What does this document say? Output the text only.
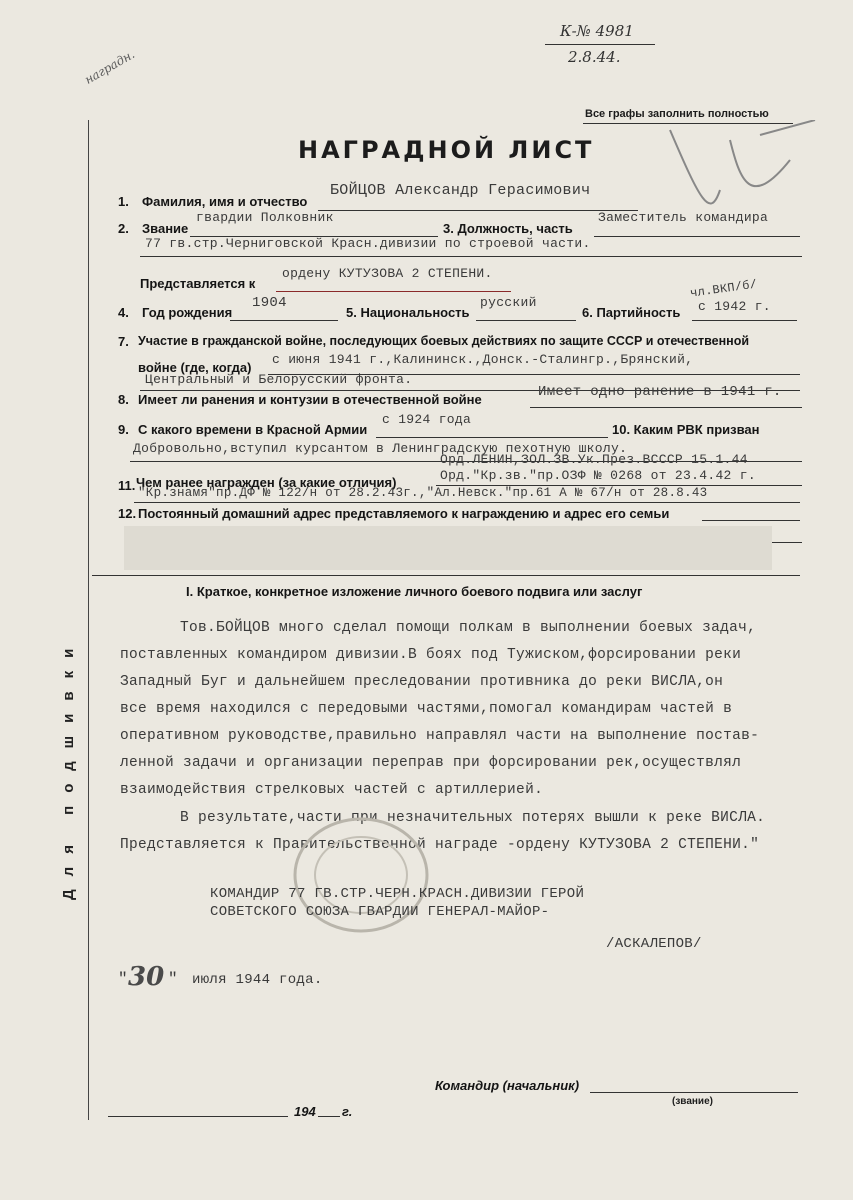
К-№ 4981
2.8.44.
наградн.
Все графы заполнить полностью
Для подшивки
НАГРАДНОЙ ЛИСТ
1. Фамилия, имя и отчество
БОЙЦОВ Александр Герасимович
2. Звание
гвардии Полковник
3. Должность, часть
Заместитель командира
77 гв.стр.Черниговской Красн.дивизии по строевой части.
Представляется к
ордену КУТУЗОВА 2 СТЕПЕНИ.
4. Год рождения
1904
5. Национальность
русский
6. Партийность
чл.ВКП/б/
с 1942 г.
7. Участие в гражданской войне, последующих боевых действиях по защите СССР и отечественной
войне (где, когда)
с июня 1941 г.,Калининск.,Донск.-Сталингр.,Брянский,
Центральный и Белорусский фронта.
8. Имеет ли ранения и контузии в отечественной войне	Имеет одно ранение в 1941 г.
9. С какого времени в Красной Армии
с 1924 года
10. Каким РВК призван
Добровольно,вступил курсантом в Ленинградскую пехотную школу.
11. Чем ранее награжден (за какие отличия)
Орд.ЛЕНИН,ЗОЛ.ЗВ.Ук.През.ВСССР 15.1.44
Орд."Кр.зв."пр.ОЗФ № 0268 от 23.4.42 г.
"Кр.знамя"пр.ДФ № 122/н от 28.2.43г.,"Ал.Невск."пр.61 А № 67/н от 28.8.43
12. Постоянный домашний адрес представляемого к награждению и адрес его семьи
I. Краткое, конкретное изложение личного боевого подвига или заслуг
Тов.БОЙЦОВ много сделал помощи полкам в выполнении боевых задач,
поставленных командиром дивизии.В боях под Тужиском,форсировании реки
Западный Буг и дальнейшем преследовании противника до реки ВИСЛА,он
все время находился с передовыми частями,помогал командирам частей в
оперативном руководстве,правильно направлял части на выполнение постав-
ленной задачи и организации переправ при форсировании рек,осуществлял
взаимодействия стрелковых частей с артиллерией.
В результате,части при незначительных потерях вышли к реке ВИСЛА.
Представляется к Правительственной награде -ордену КУТУЗОВА 2 СТЕПЕНИ."
КОМАНДИР 77 ГВ.СТР.ЧЕРН.КРАСН.ДИВИЗИИ ГЕРОЙ
СОВЕТСКОГО СОЮЗА ГВАРДИИ ГЕНЕРАЛ-МАЙОР-
/АСКАЛЕПОВ/
" 30 " июля 1944 года.
Командир (начальник)
(звание)
194 г.
